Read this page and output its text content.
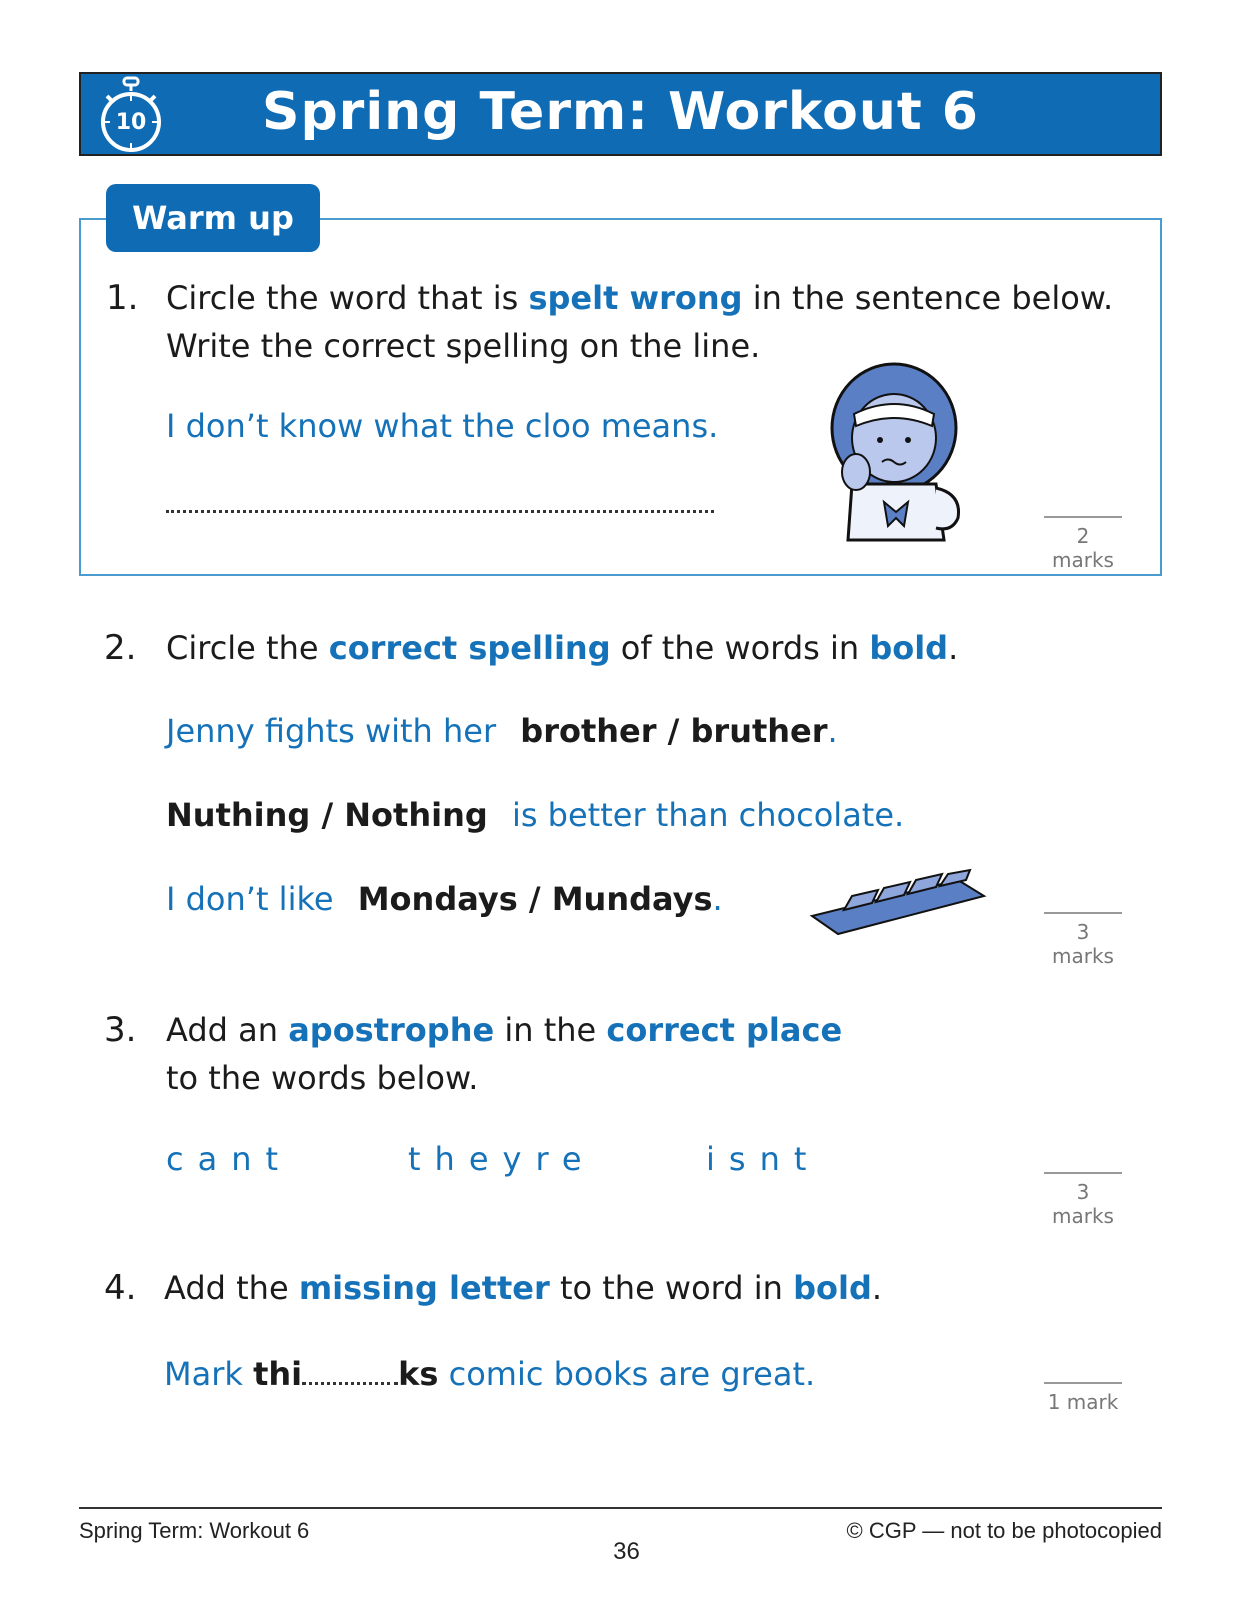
10	Spring Term: Workout 6
Warm up
1. Circle the word that is spelt wrong in the sentence below.
Write the correct spelling on the line.
I don’t know what the cloo means.
2 marks
2. Circle the correct spelling of the words in bold.
Jenny fights with her brother / bruther.
Nuthing / Nothing is better than chocolate.
I don’t like Mondays / Mundays.
3 marks
3. Add an apostrophe in the correct place
to the words below.
cant	theyre	isnt
3 marks
4. Add the missing letter to the word in bold.
Mark thi	ks comic books are great.
1 mark
Spring Term: Workout 6
36
© CGP — not to be photocopied
